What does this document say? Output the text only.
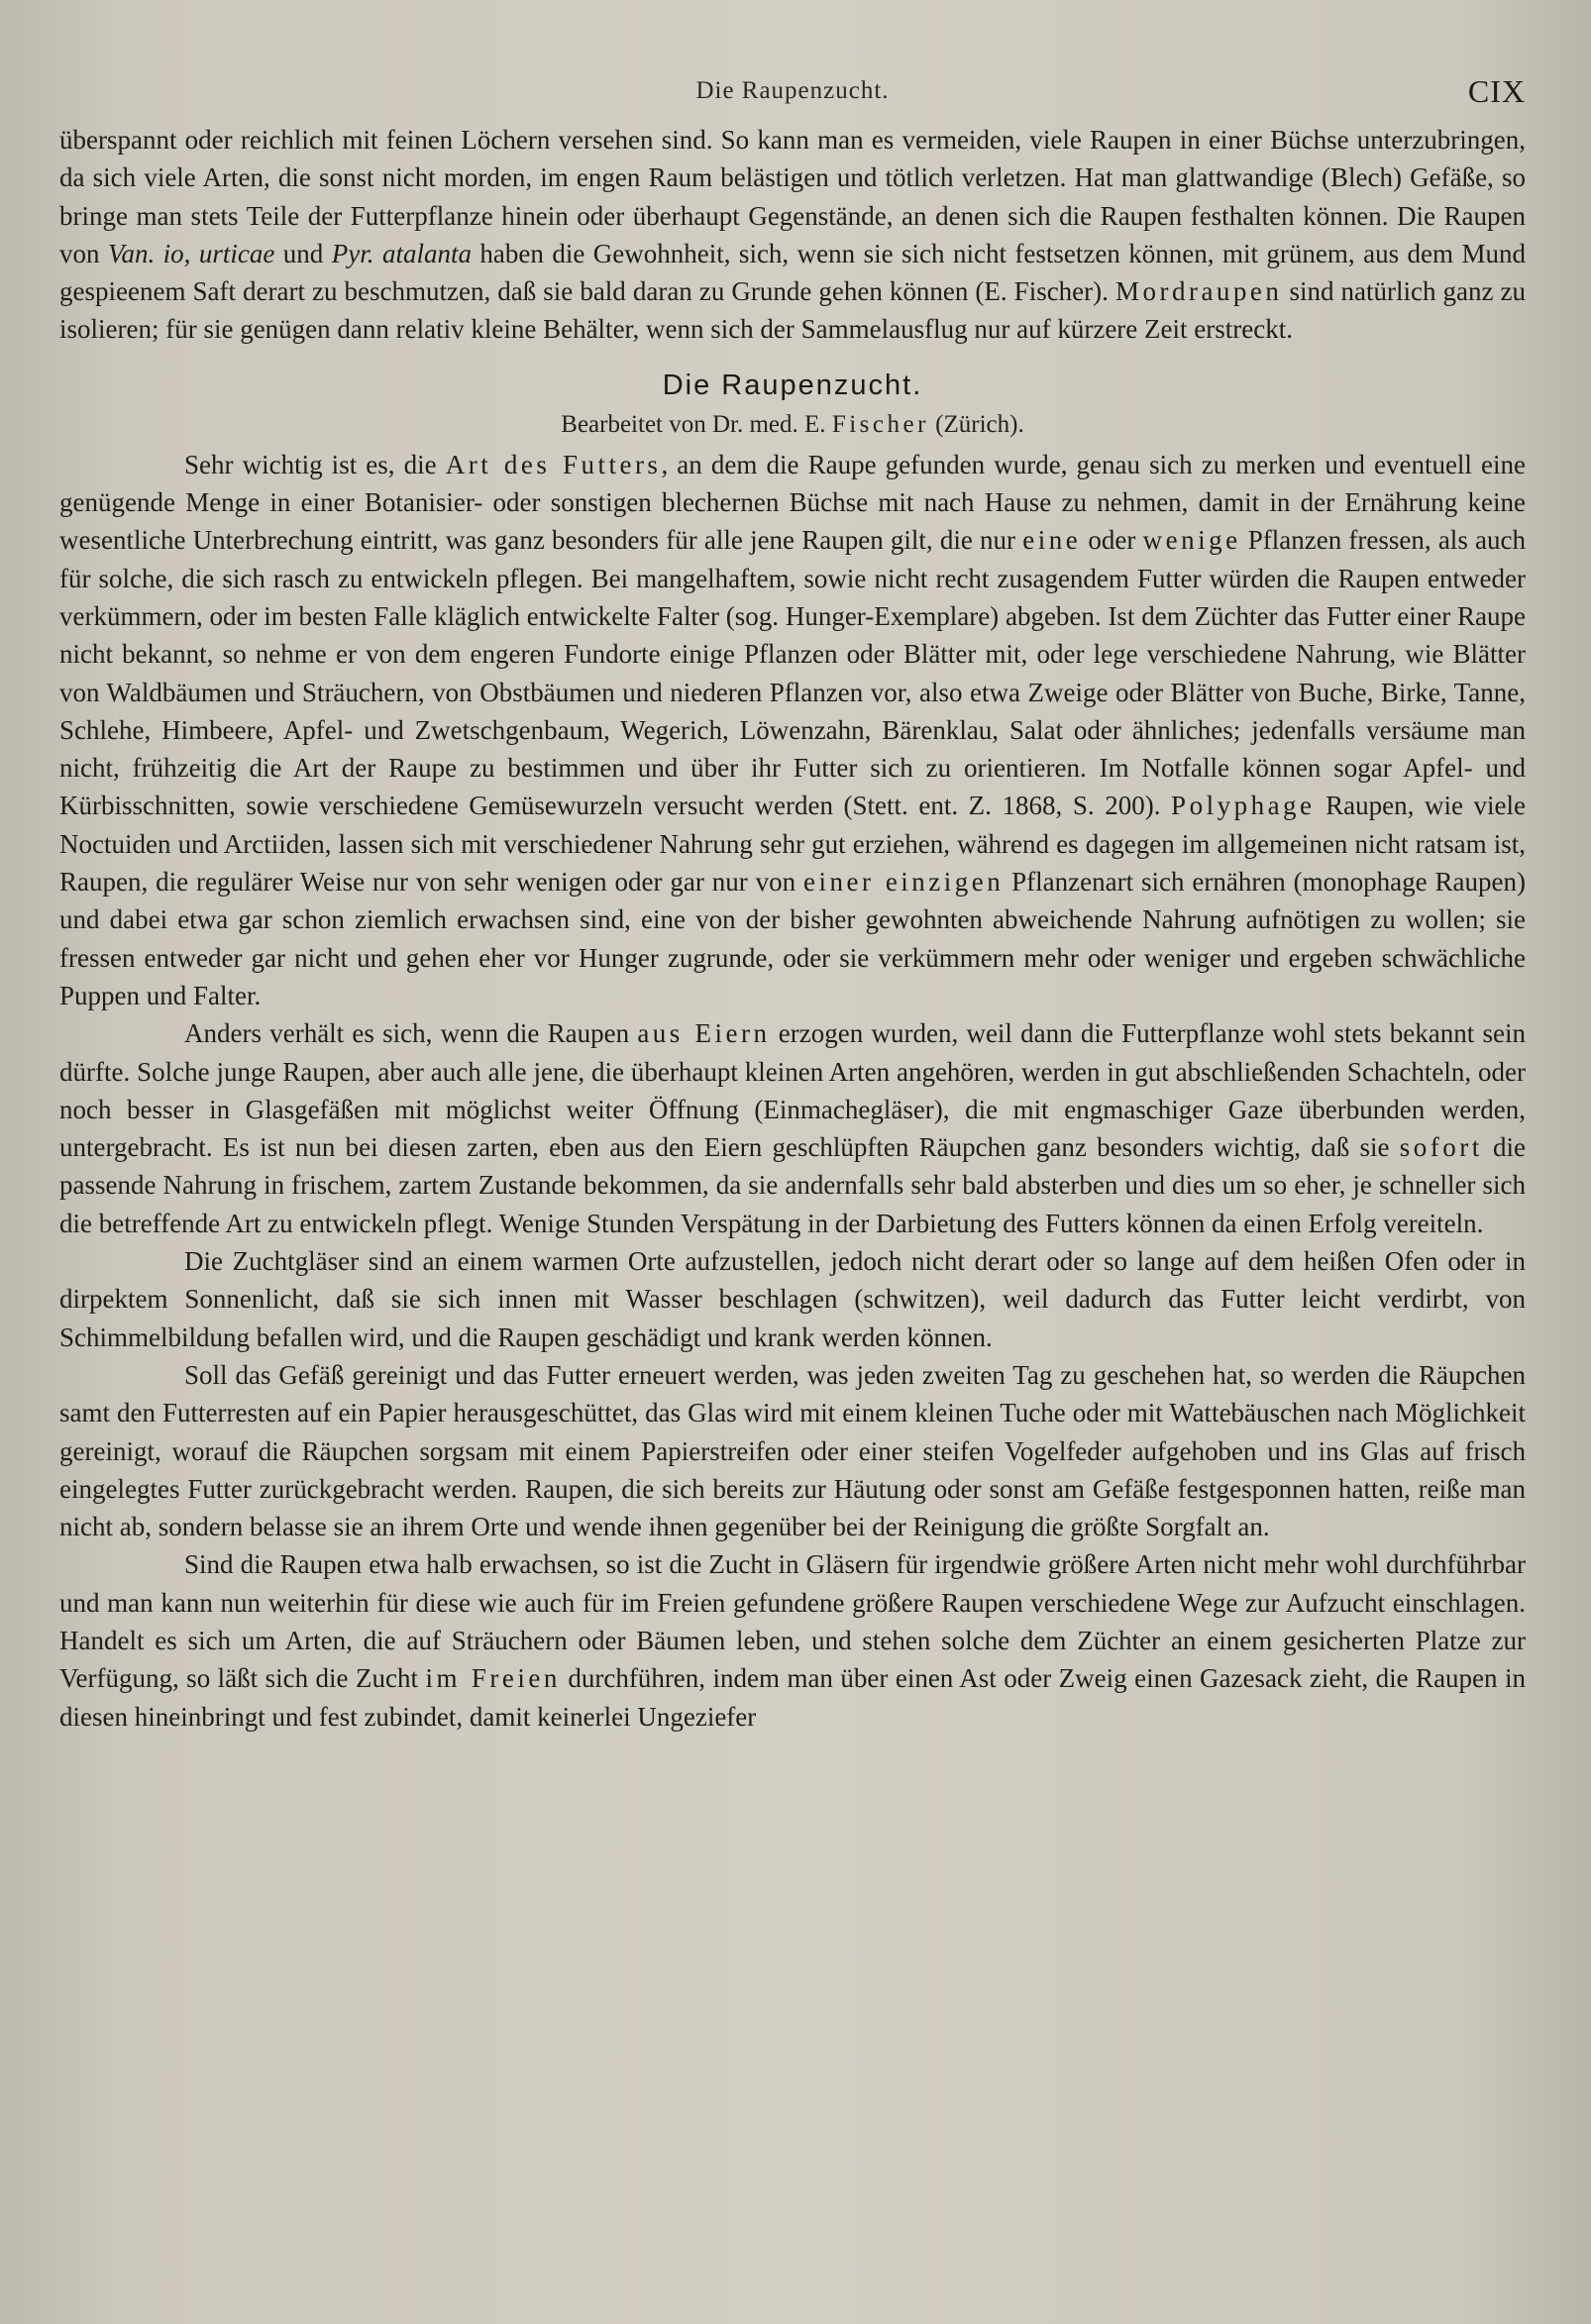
Die Raupenzucht.	CIX

überspannt oder reichlich mit feinen Löchern versehen sind. So kann man es vermeiden, viele Raupen in einer Büchse unterzubringen, da sich viele Arten, die sonst nicht morden, im engen Raum belästigen und tötlich verletzen. Hat man glattwandige (Blech) Gefäße, so bringe man stets Teile der Futterpflanze hinein oder überhaupt Gegenstände, an denen sich die Raupen festhalten können. Die Raupen von Van. io, urticae und Pyr. atalanta haben die Gewohnheit, sich, wenn sie sich nicht festsetzen können, mit grünem, aus dem Mund gespieenem Saft derart zu beschmutzen, daß sie bald daran zu Grunde gehen können (E. Fischer). Mordraupen sind natürlich ganz zu isolieren; für sie genügen dann relativ kleine Behälter, wenn sich der Sammelausflug nur auf kürzere Zeit erstreckt.

Die Raupenzucht.
Bearbeitet von Dr. med. E. Fischer (Zürich).

Sehr wichtig ist es, die Art des Futters, an dem die Raupe gefunden wurde, genau sich zu merken und eventuell eine genügende Menge in einer Botanisier- oder sonstigen blechernen Büchse mit nach Hause zu nehmen, damit in der Ernährung keine wesentliche Unterbrechung eintritt, was ganz besonders für alle jene Raupen gilt, die nur eine oder wenige Pflanzen fressen, als auch für solche, die sich rasch zu entwickeln pflegen. Bei mangelhaftem, sowie nicht recht zusagendem Futter würden die Raupen entweder verkümmern, oder im besten Falle kläglich entwickelte Falter (sog. Hunger-Exemplare) abgeben. Ist dem Züchter das Futter einer Raupe nicht bekannt, so nehme er von dem engeren Fundorte einige Pflanzen oder Blätter mit, oder lege verschiedene Nahrung, wie Blätter von Waldbäumen und Sträuchern, von Obstbäumen und niederen Pflanzen vor, also etwa Zweige oder Blätter von Buche, Birke, Tanne, Schlehe, Himbeere, Apfel- und Zwetschgenbaum, Wegerich, Löwenzahn, Bärenklau, Salat oder ähnliches; jedenfalls versäume man nicht, frühzeitig die Art der Raupe zu bestimmen und über ihr Futter sich zu orientieren. Im Notfalle können sogar Apfel- und Kürbisschnitten, sowie verschiedene Gemüsewurzeln versucht werden (Stett. ent. Z. 1868, S. 200). Polyphage Raupen, wie viele Noctuiden und Arctiiden, lassen sich mit verschiedener Nahrung sehr gut erziehen, während es dagegen im allgemeinen nicht ratsam ist, Raupen, die regulärer Weise nur von sehr wenigen oder gar nur von einer einzigen Pflanzenart sich ernähren (monophage Raupen) und dabei etwa gar schon ziemlich erwachsen sind, eine von der bisher gewohnten abweichende Nahrung aufnötigen zu wollen; sie fressen entweder gar nicht und gehen eher vor Hunger zugrunde, oder sie verkümmern mehr oder weniger und ergeben schwächliche Puppen und Falter.

Anders verhält es sich, wenn die Raupen aus Eiern erzogen wurden, weil dann die Futterpflanze wohl stets bekannt sein dürfte. Solche junge Raupen, aber auch alle jene, die überhaupt kleinen Arten angehören, werden in gut abschließenden Schachteln, oder noch besser in Glasgefäßen mit möglichst weiter Öffnung (Einmachegläser), die mit engmaschiger Gaze überbunden werden, untergebracht. Es ist nun bei diesen zarten, eben aus den Eiern geschlüpften Räupchen ganz besonders wichtig, daß sie sofort die passende Nahrung in frischem, zartem Zustande bekommen, da sie andernfalls sehr bald absterben und dies um so eher, je schneller sich die betreffende Art zu entwickeln pflegt. Wenige Stunden Verspätung in der Darbietung des Futters können da einen Erfolg vereiteln.

Die Zuchtgläser sind an einem warmen Orte aufzustellen, jedoch nicht derart oder so lange auf dem heißen Ofen oder in dirpektem Sonnenlicht, daß sie sich innen mit Wasser beschlagen (schwitzen), weil dadurch das Futter leicht verdirbt, von Schimmelbildung befallen wird, und die Raupen geschädigt und krank werden können.

Soll das Gefäß gereinigt und das Futter erneuert werden, was jeden zweiten Tag zu geschehen hat, so werden die Räupchen samt den Futterresten auf ein Papier herausgeschüttet, das Glas wird mit einem kleinen Tuche oder mit Wattebäuschen nach Möglichkeit gereinigt, worauf die Räupchen sorgsam mit einem Papierstreifen oder einer steifen Vogelfeder aufgehoben und ins Glas auf frisch eingelegtes Futter zurückgebracht werden. Raupen, die sich bereits zur Häutung oder sonst am Gefäße festgesponnen hatten, reiße man nicht ab, sondern belasse sie an ihrem Orte und wende ihnen gegenüber bei der Reinigung die größte Sorgfalt an.

Sind die Raupen etwa halb erwachsen, so ist die Zucht in Gläsern für irgendwie größere Arten nicht mehr wohl durchführbar und man kann nun weiterhin für diese wie auch für im Freien gefundene größere Raupen verschiedene Wege zur Aufzucht einschlagen. Handelt es sich um Arten, die auf Sträuchern oder Bäumen leben, und stehen solche dem Züchter an einem gesicherten Platze zur Verfügung, so läßt sich die Zucht im Freien durchführen, indem man über einen Ast oder Zweig einen Gazesack zieht, die Raupen in diesen hineinbringt und fest zubindet, damit keinerlei Ungeziefer
